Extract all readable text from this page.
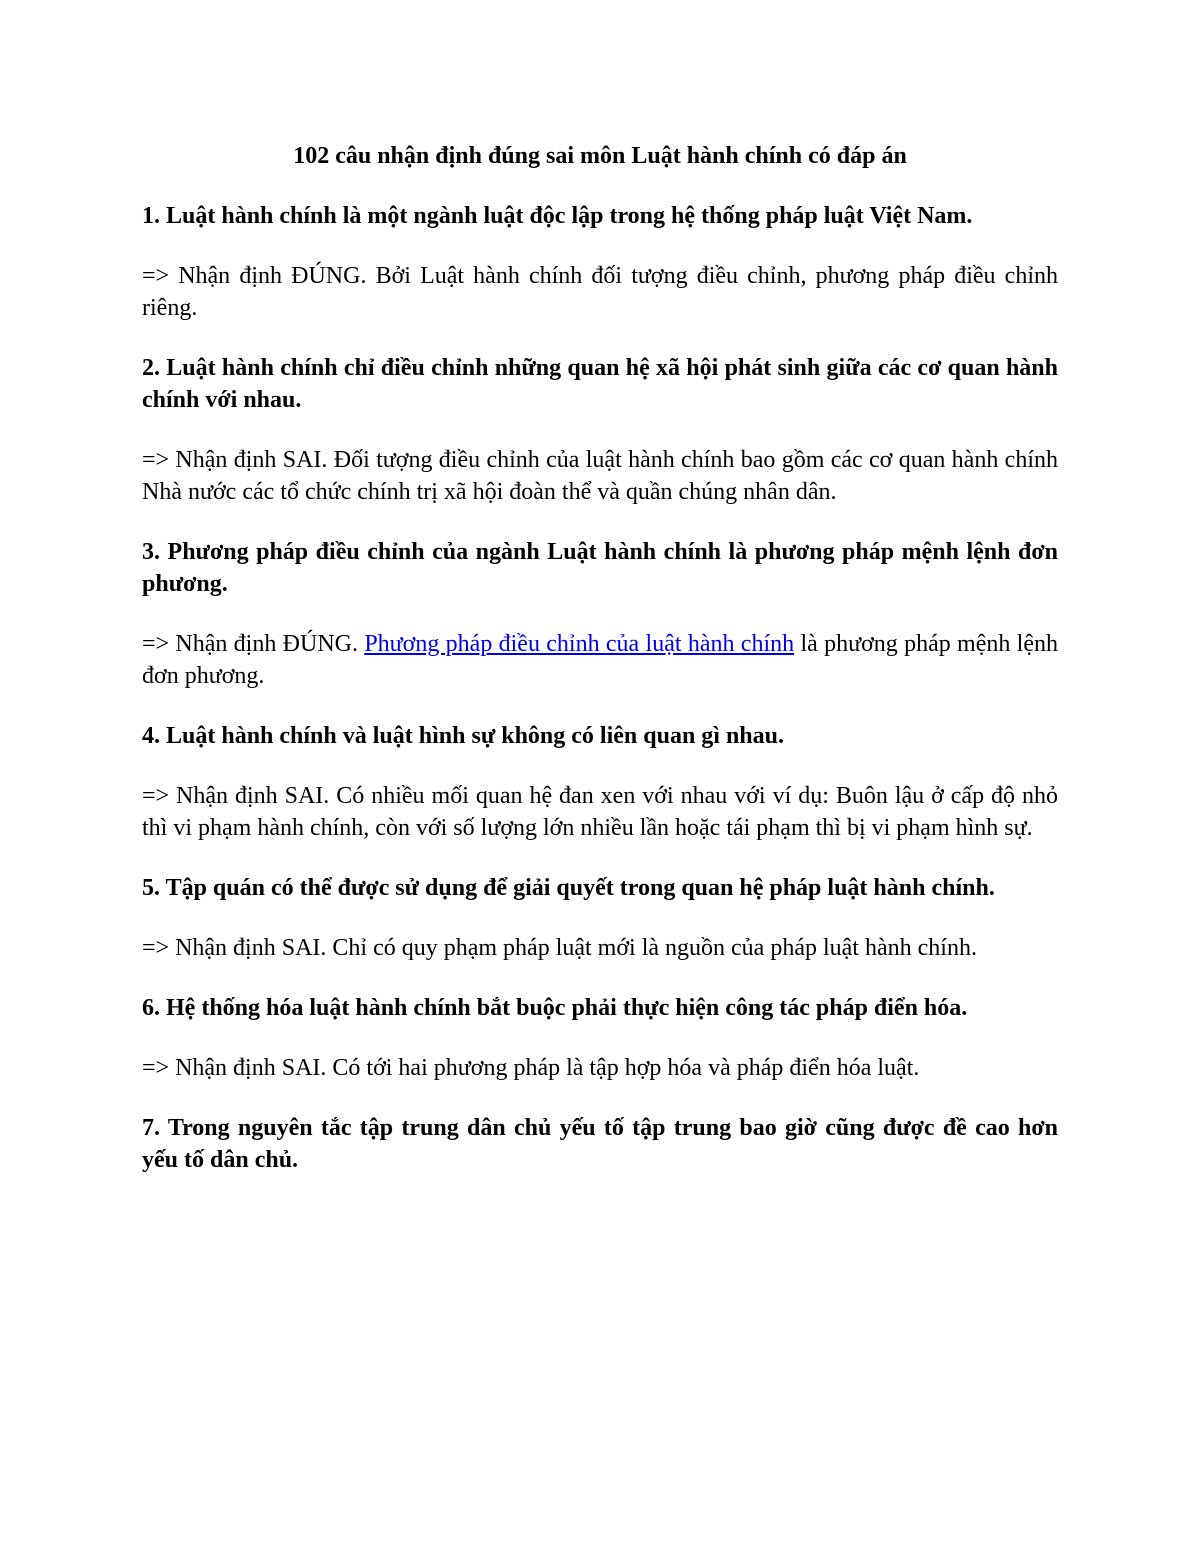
102 câu nhận định đúng sai môn Luật hành chính có đáp án

1. Luật hành chính là một ngành luật độc lập trong hệ thống pháp luật Việt Nam.

=> Nhận định ĐÚNG. Bởi Luật hành chính đối tượng điều chỉnh, phương pháp điều chỉnh riêng.

2. Luật hành chính chỉ điều chỉnh những quan hệ xã hội phát sinh giữa các cơ quan hành chính với nhau.

=> Nhận định SAI. Đối tượng điều chỉnh của luật hành chính bao gồm các cơ quan hành chính Nhà nước các tổ chức chính trị xã hội đoàn thể và quần chúng nhân dân.

3. Phương pháp điều chỉnh của ngành Luật hành chính là phương pháp mệnh lệnh đơn phương.

=> Nhận định ĐÚNG. Phương pháp điều chỉnh của luật hành chính là phương pháp mệnh lệnh đơn phương.

4. Luật hành chính và luật hình sự không có liên quan gì nhau.

=> Nhận định SAI. Có nhiều mối quan hệ đan xen với nhau với ví dụ: Buôn lậu ở cấp độ nhỏ thì vi phạm hành chính, còn với số lượng lớn nhiều lần hoặc tái phạm thì bị vi phạm hình sự.

5. Tập quán có thể được sử dụng để giải quyết trong quan hệ pháp luật hành chính.

=> Nhận định SAI. Chỉ có quy phạm pháp luật mới là nguồn của pháp luật hành chính.

6. Hệ thống hóa luật hành chính bắt buộc phải thực hiện công tác pháp điển hóa.

=> Nhận định SAI. Có tới hai phương pháp là tập hợp hóa và pháp điển hóa luật.

7. Trong nguyên tắc tập trung dân chủ yếu tố tập trung bao giờ cũng được đề cao hơn yếu tố dân chủ.
